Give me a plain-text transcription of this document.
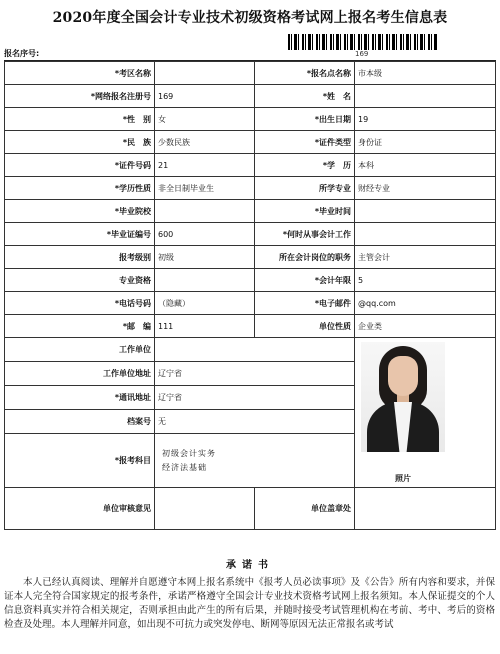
2020年度全国会计专业技术初级资格考试网上报名考生信息表
169
报名序号:
*考区名称		*报名点名称	市本级
*网络报名注册号	169	*姓　名	
*性　别	女	*出生日期	19
*民　族	少数民族	*证件类型	身份证
*证件号码	21	*学　历	本科
*学历性质	非全日制毕业生	所学专业	财经专业
*毕业院校		*毕业时间	
*毕业证编号	600	*何时从事会计工作	
报考级别	初级	所在会计岗位的职务	主管会计
专业资格		*会计年限	5
*电话号码	（隐藏）	*电子邮件	@qq.com
*邮　编	111	单位性质	企业类
工作单位			照片

工作单位地址	辽宁省		
*通讯地址	辽宁省		
档案号	无		
*报考科目	初级会计实务
经济法基础		

单位审核意见		单位盖章处	
承诺书
本人已经认真阅读、理解并自愿遵守本网上报名系统中《报考人员必读事项》及《公告》所有内容和要求，并保证本人完全符合国家规定的报考条件，承诺严格遵守全国会计专业技术资格考试网上报名须知。本人保证提交的个人信息资料真实并符合相关规定，否则承担由此产生的所有后果，并随时接受考试管理机构在考前、考中、考后的资格检查及处理。本人理解并同意，如出现不可抗力或突发停电、断网等原因无法正常报名或考试
